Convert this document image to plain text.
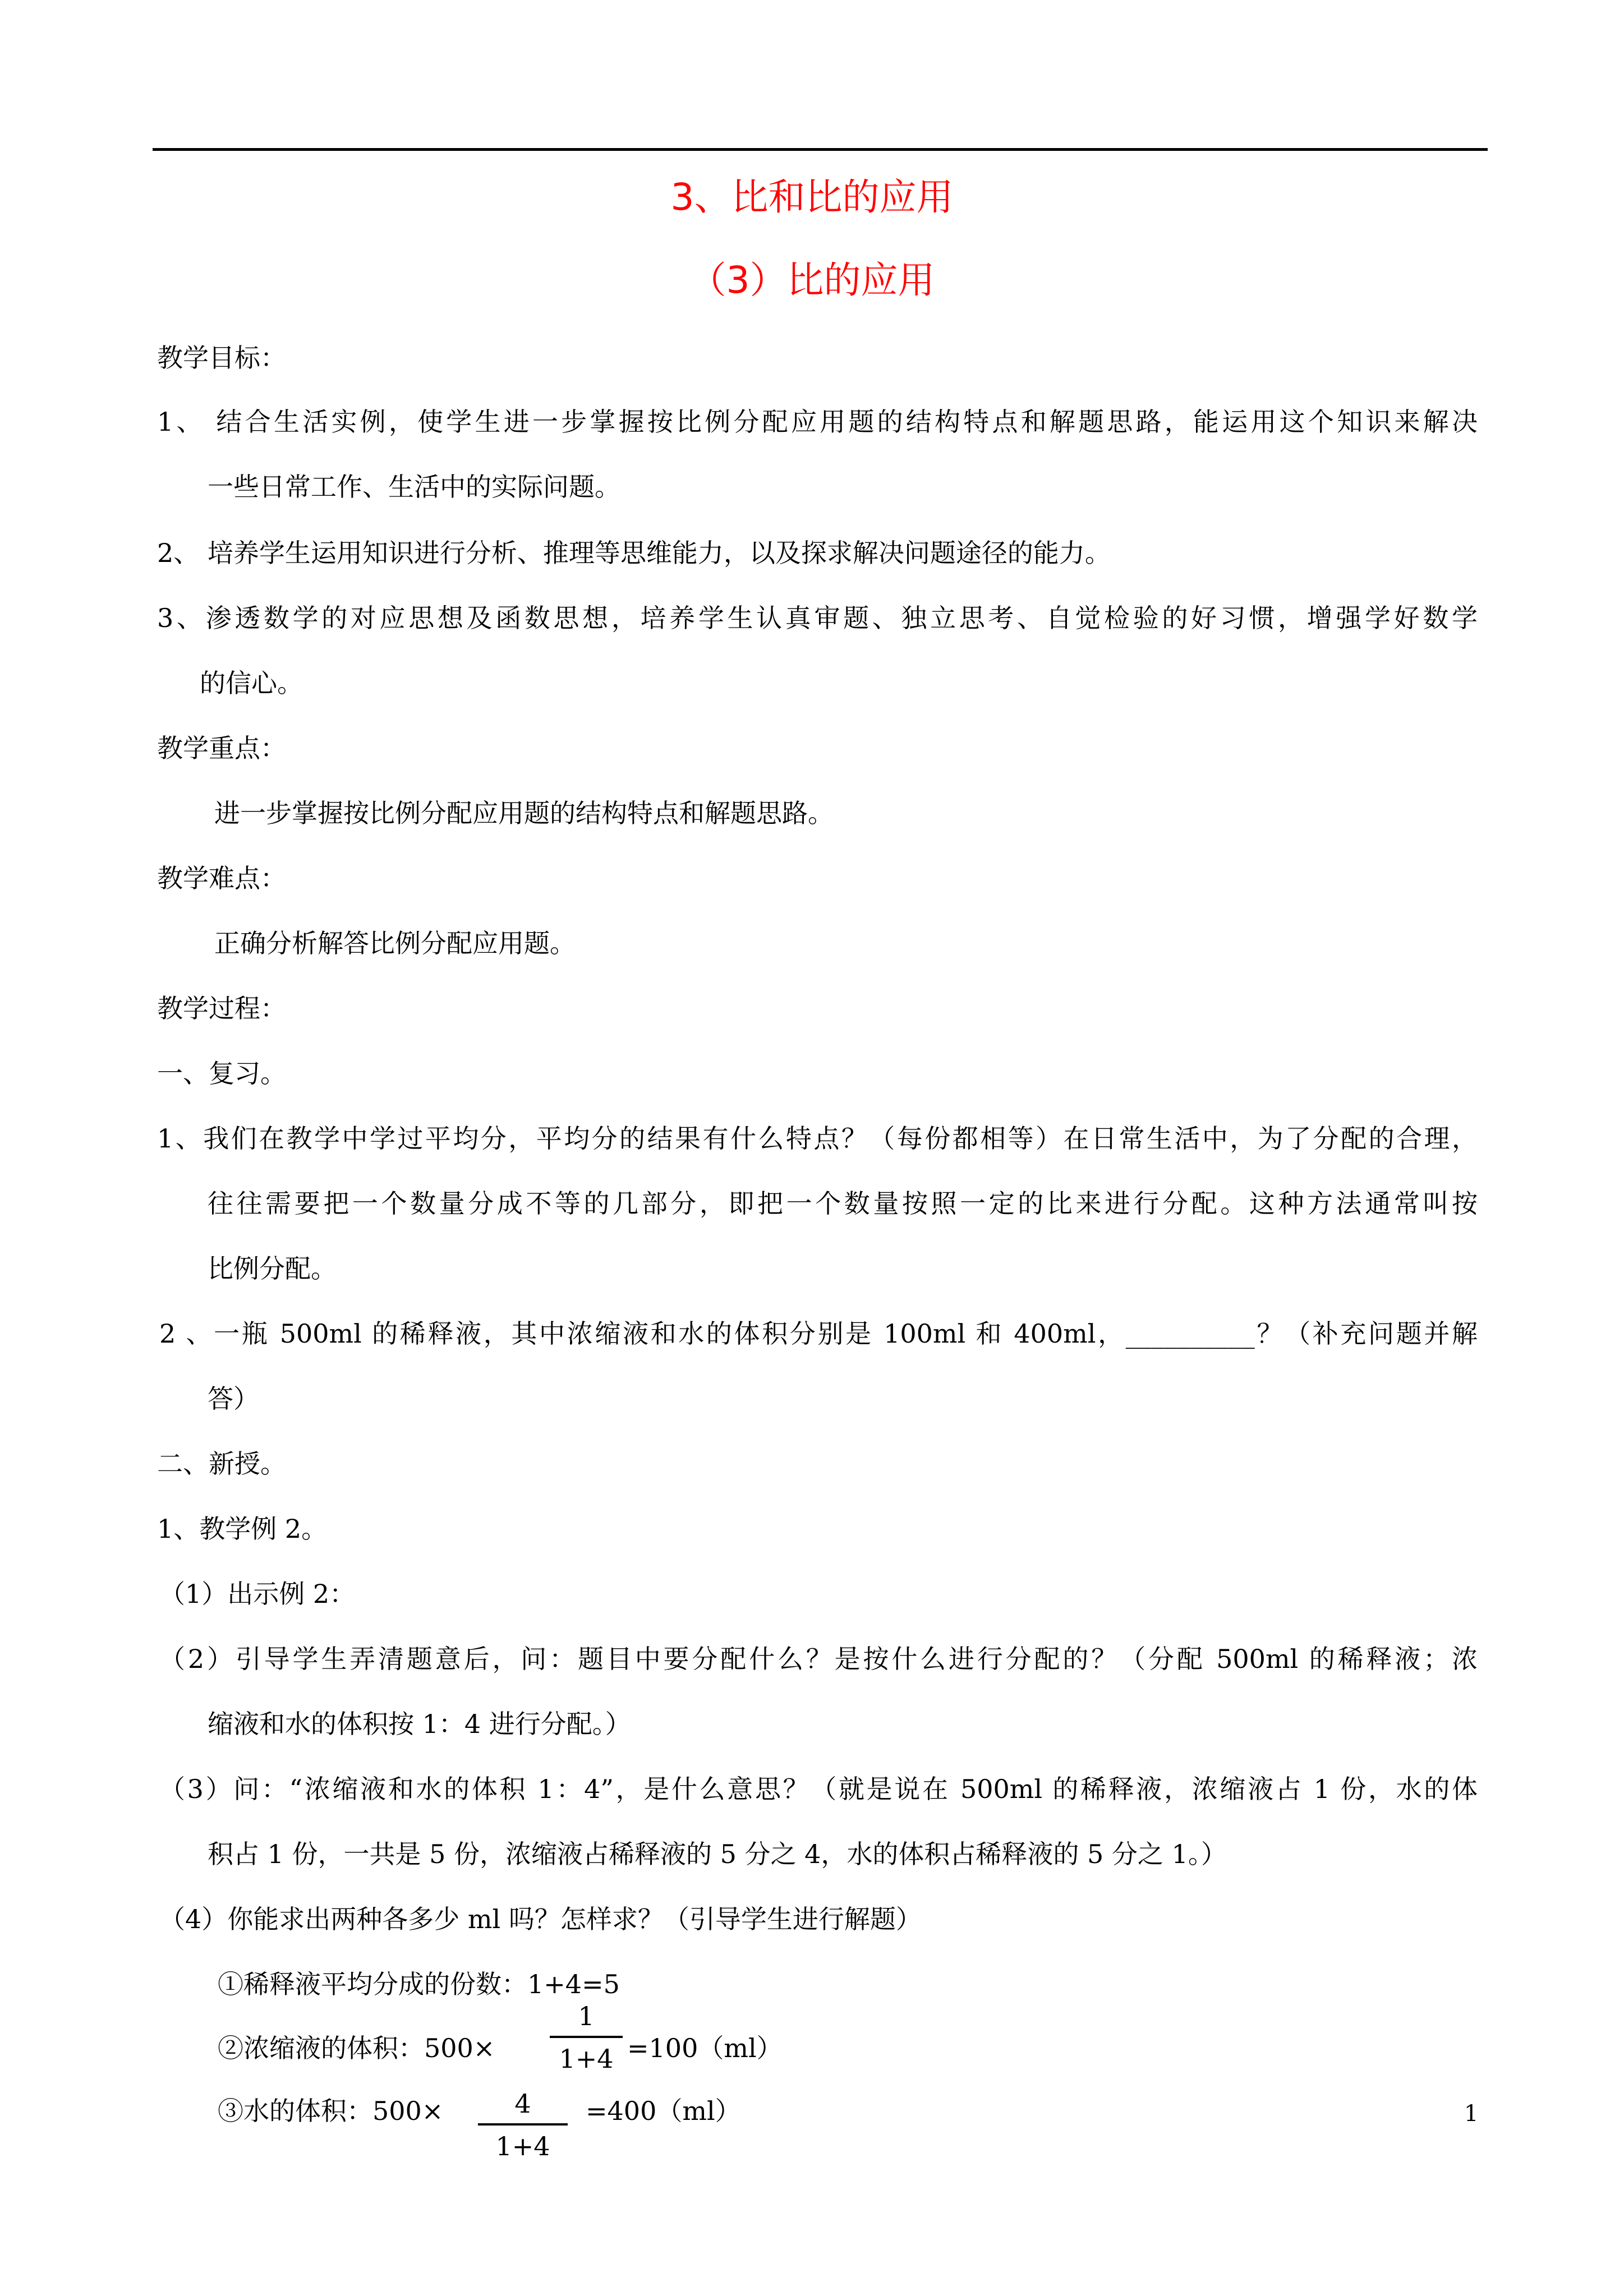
3、比和比的应用
（3）比的应用
教学目标：
1、 结合生活实例，使学生进一步掌握按比例分配应用题的结构特点和解题思路，能运用这个知识来解决
一些日常工作、生活中的实际问题。
2、 培养学生运用知识进行分析、推理等思维能力，以及探求解决问题途径的能力。
3、渗透数学的对应思想及函数思想，培养学生认真审题、独立思考、自觉检验的好习惯，增强学好数学
的信心。
教学重点：
进一步掌握按比例分配应用题的结构特点和解题思路。
教学难点：
正确分析解答比例分配应用题。
教学过程：
一、复习。
1、我们在教学中学过平均分，平均分的结果有什么特点？（每份都相等）在日常生活中，为了分配的合理，
往往需要把一个数量分成不等的几部分，即把一个数量按照一定的比来进行分配。这种方法通常叫按
比例分配。
2 、一瓶 500ml 的稀释液，其中浓缩液和水的体积分别是 100ml 和 400ml，__________？（补充问题并解
答）
二、新授。
1、教学例 2。
（1）出示例 2：
（2）引导学生弄清题意后，问：题目中要分配什么？是按什么进行分配的？（分配 500ml 的稀释液；浓
缩液和水的体积按 1：4 进行分配。）
（3）问：“浓缩液和水的体积 1：4”，是什么意思？（就是说在 500ml 的稀释液，浓缩液占 1 份，水的体
积占 1 份，一共是 5 份，浓缩液占稀释液的 5 分之 4，水的体积占稀释液的 5 分之 1。）
（4）你能求出两种各多少 ml 吗？怎样求？（引导学生进行解题）
①稀释液平均分成的份数：1+4=5
②浓缩液的体积：500×
1
1+4 =100（ml）
③水的体积：500×	4
1+4
=400（ml）	1
